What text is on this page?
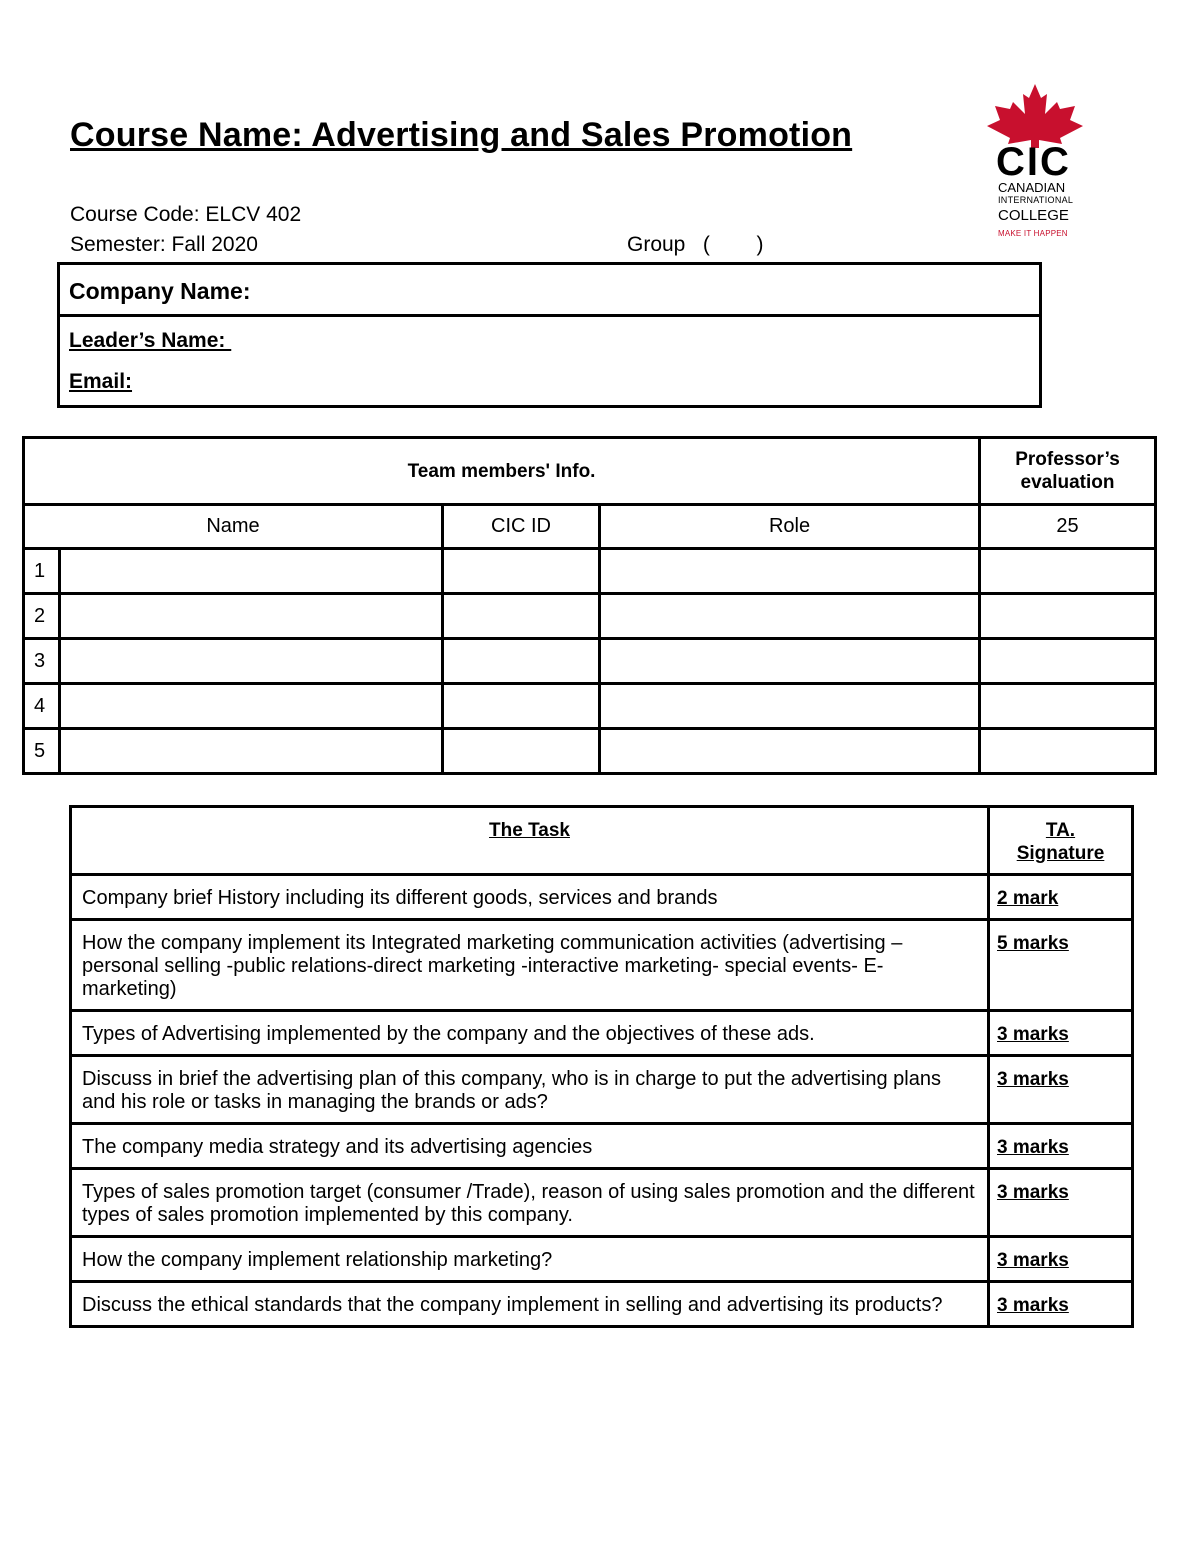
Course Name: Advertising and Sales Promotion
Course Code: ELCV 402
Semester: Fall 2020	Group   (        )
CIC
CANADIAN
INTERNATIONAL
COLLEGE
MAKE IT HAPPEN
Company Name:
Leader’s Name:
Email:
Team members' Info.				Professor’s evaluation
Name		CIC ID	Role	25
1				
2				
3				
4				
5				
The Task	TA. Signature
Company brief History including its different goods, services and brands	2 mark
How the company implement its Integrated marketing communication activities (advertising – personal selling -public relations-direct marketing -interactive marketing- special events- E-marketing)	5 marks
Types of Advertising implemented by the company and the objectives of these ads.	3 marks
Discuss in brief the advertising plan of this company, who is in charge to put the advertising plans and his role or tasks in managing the brands or ads?	3 marks
The company media strategy and its advertising agencies	3 marks
Types of sales promotion target (consumer /Trade), reason of using sales promotion and the different types of sales promotion implemented by this company.	3 marks
How the company implement relationship marketing?	3 marks
Discuss the ethical standards that the company implement in selling and advertising its products?	3 marks
